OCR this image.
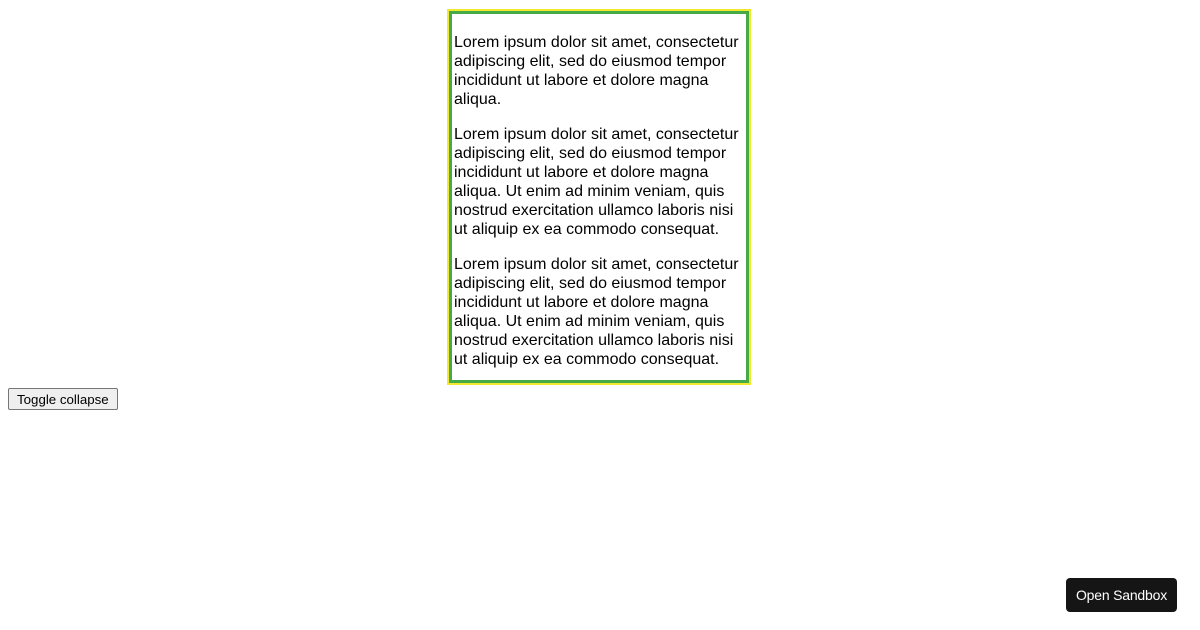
Lorem ipsum dolor sit amet, consectetur adipiscing elit, sed do eiusmod tempor incididunt ut labore et dolore magna aliqua.

Lorem ipsum dolor sit amet, consectetur adipiscing elit, sed do eiusmod tempor incididunt ut labore et dolore magna aliqua. Ut enim ad minim veniam, quis nostrud exercitation ullamco laboris nisi ut aliquip ex ea commodo consequat.

Lorem ipsum dolor sit amet, consectetur adipiscing elit, sed do eiusmod tempor incididunt ut labore et dolore magna aliqua. Ut enim ad minim veniam, quis nostrud exercitation ullamco laboris nisi ut aliquip ex ea commodo consequat.

Toggle collapse
Open Sandbox
